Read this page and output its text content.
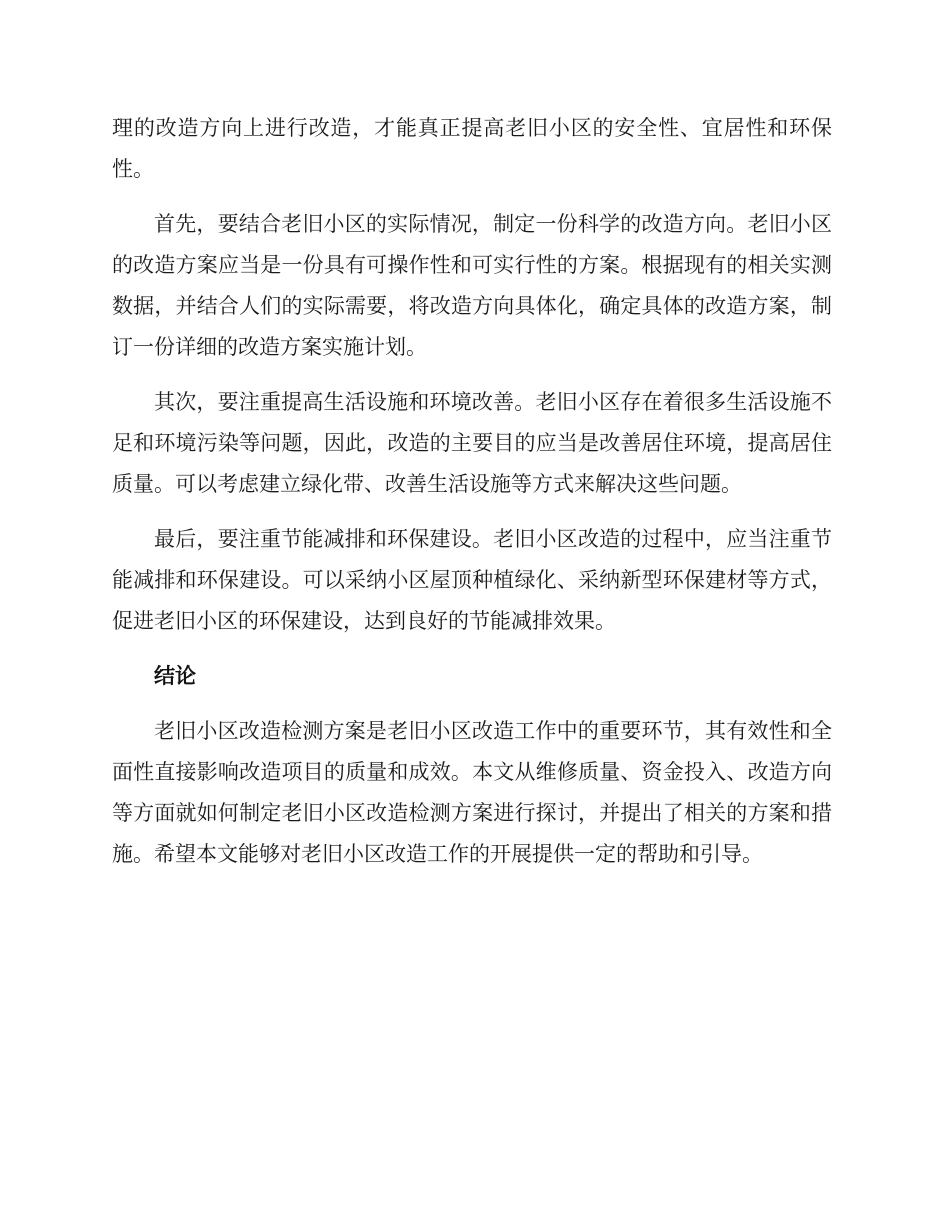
理的改造方向上进行改造，才能真正提高老旧小区的安全性、宜居性和环保性。

首先，要结合老旧小区的实际情况，制定一份科学的改造方向。老旧小区的改造方案应当是一份具有可操作性和可实行性的方案。根据现有的相关实测数据，并结合人们的实际需要，将改造方向具体化，确定具体的改造方案，制订一份详细的改造方案实施计划。

其次，要注重提高生活设施和环境改善。老旧小区存在着很多生活设施不足和环境污染等问题，因此，改造的主要目的应当是改善居住环境，提高居住质量。可以考虑建立绿化带、改善生活设施等方式来解决这些问题。

最后，要注重节能减排和环保建设。老旧小区改造的过程中，应当注重节能减排和环保建设。可以采纳小区屋顶种植绿化、采纳新型环保建材等方式，促进老旧小区的环保建设，达到良好的节能减排效果。

结论

老旧小区改造检测方案是老旧小区改造工作中的重要环节，其有效性和全面性直接影响改造项目的质量和成效。本文从维修质量、资金投入、改造方向等方面就如何制定老旧小区改造检测方案进行探讨，并提出了相关的方案和措施。希望本文能够对老旧小区改造工作的开展提供一定的帮助和引导。
